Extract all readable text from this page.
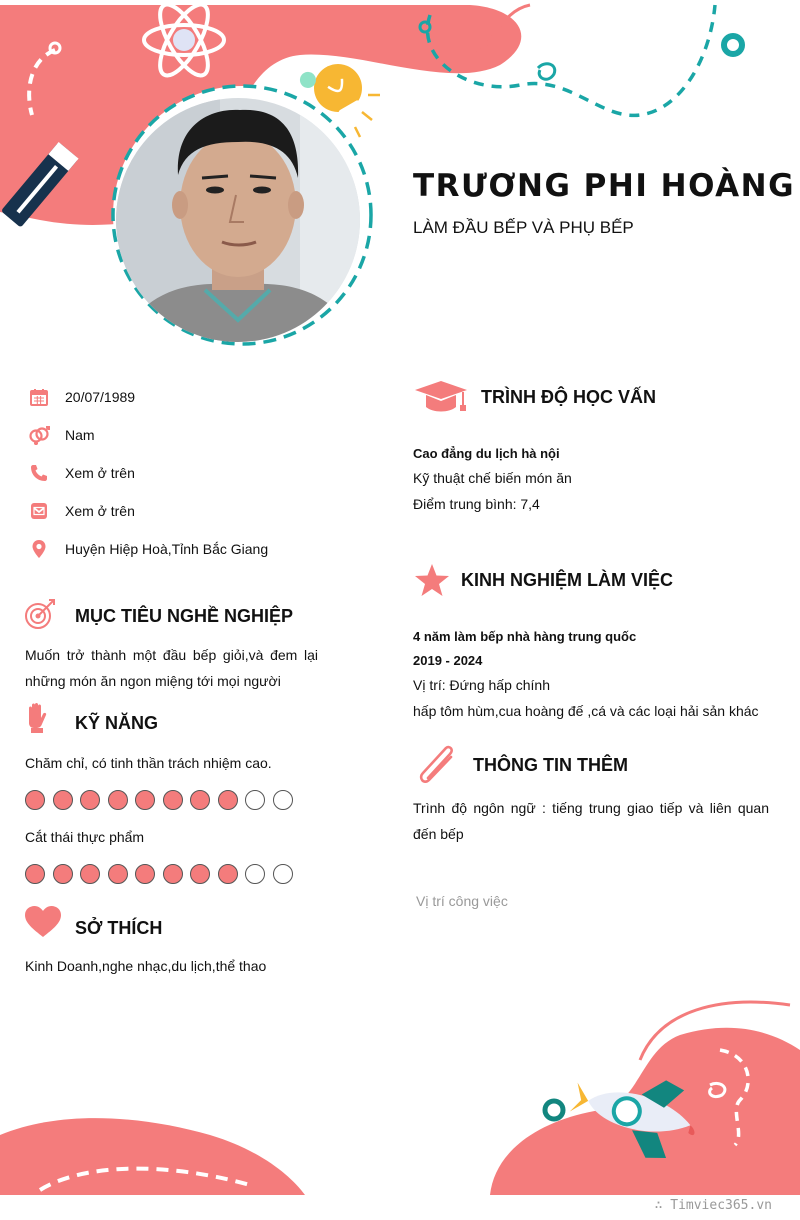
TRƯƠNG PHI HOÀNG
LÀM ĐẦU BẾP VÀ PHỤ BẾP
20/07/1989
Nam
Xem ở trên
Xem ở trên
Huyện Hiệp Hoà,Tỉnh Bắc Giang
MỤC TIÊU NGHỀ NGHIỆP
Muốn trở thành một đầu bếp giỏi,và đem lại những món ăn ngon miệng tới mọi người
KỸ NĂNG
Chăm chỉ, có tinh thần trách nhiệm cao.
Cắt thái thực phẩm
SỞ THÍCH
Kinh Doanh,nghe nhạc,du lịch,thể thao
TRÌNH ĐỘ HỌC VẤN
Cao đẳng du lịch hà nội
Kỹ thuật chế biến món ăn
Điểm trung bình: 7,4
KINH NGHIỆM LÀM VIỆC
4 năm làm bếp nhà hàng trung quốc
2019 - 2024
Vị trí: Đứng hấp chính
hấp tôm hùm,cua hoàng đế ,cá và các loại hải sản khác
THÔNG TIN THÊM
Trình độ ngôn ngữ : tiếng trung giao tiếp và liên quan đến bếp
Vị trí công việc
∴ Timviec365.vn
